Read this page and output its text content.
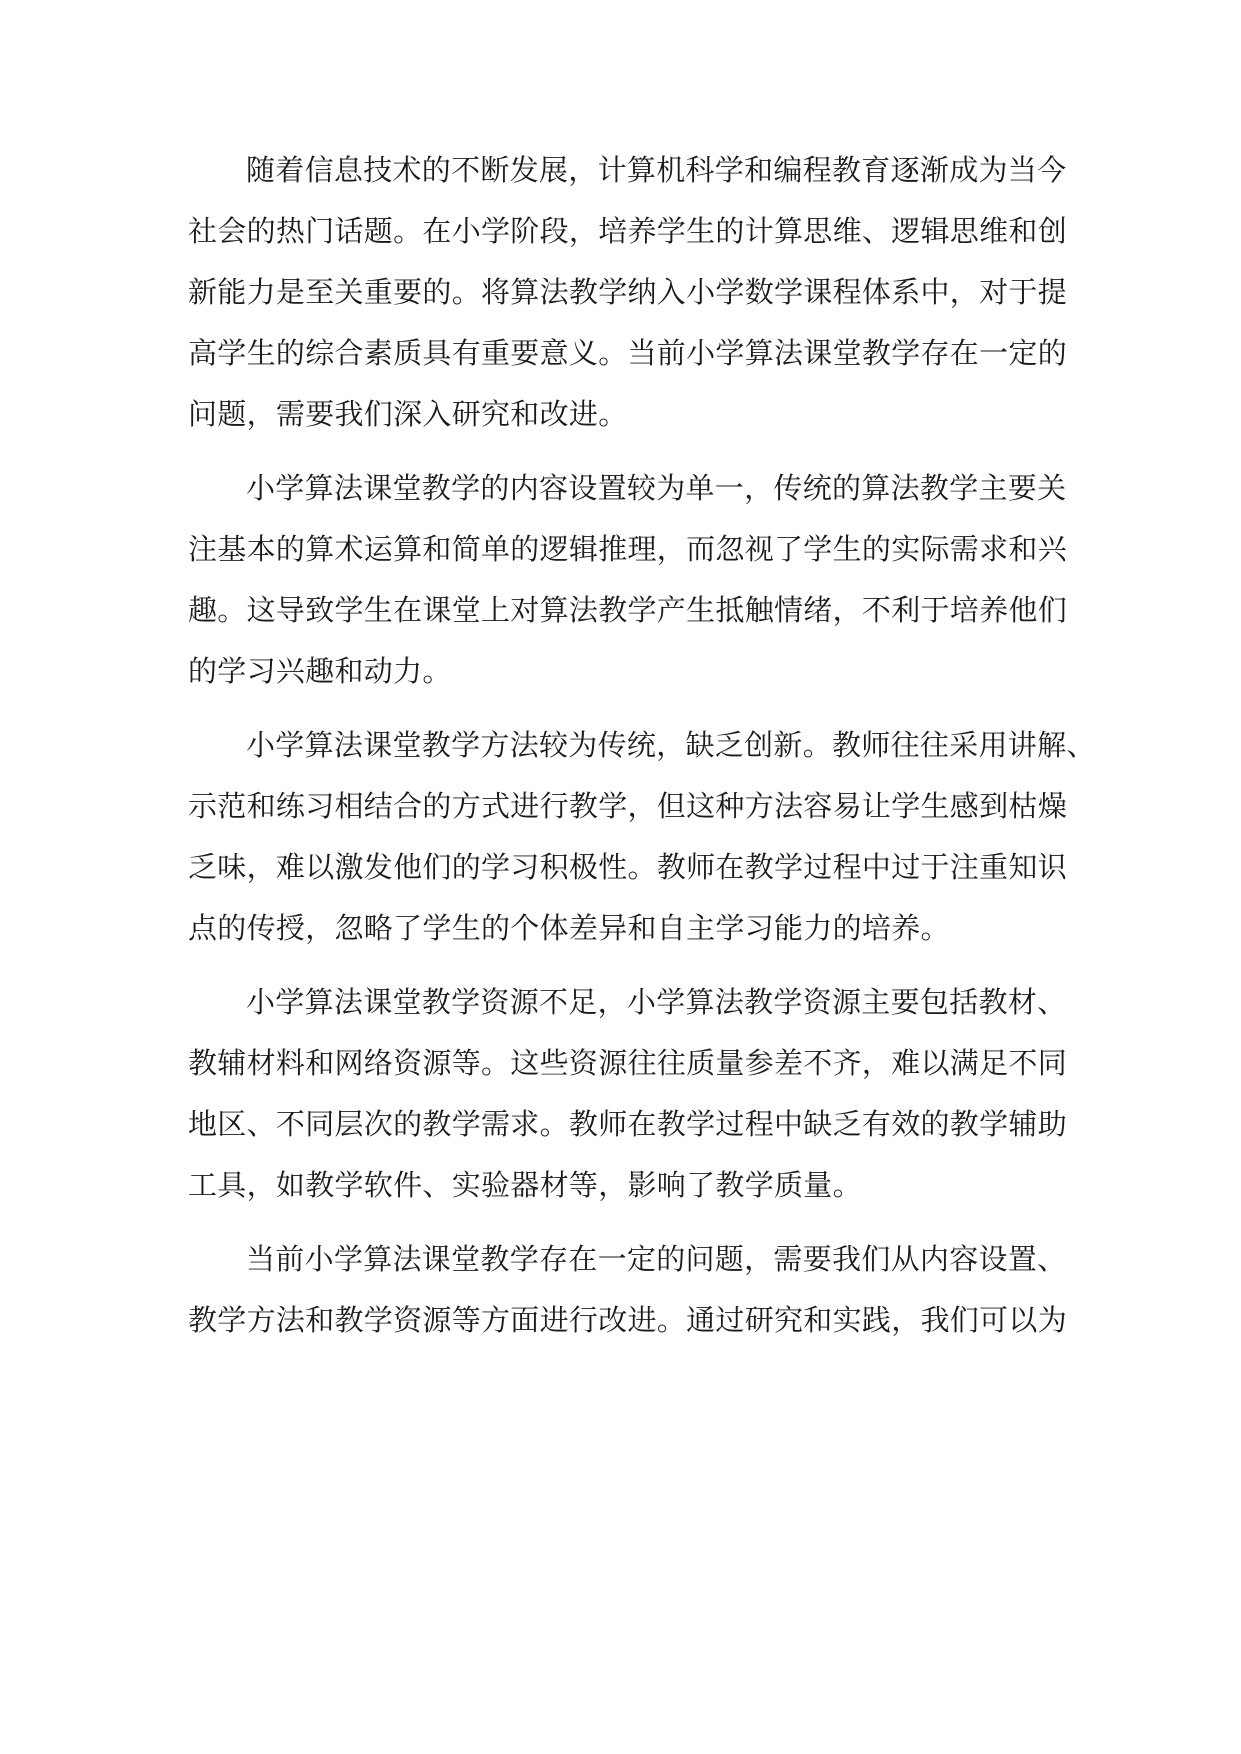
随着信息技术的不断发展，计算机科学和编程教育逐渐成为当今
社会的热门话题。在小学阶段，培养学生的计算思维、逻辑思维和创
新能力是至关重要的。将算法教学纳入小学数学课程体系中，对于提
高学生的综合素质具有重要意义。当前小学算法课堂教学存在一定的
问题，需要我们深入研究和改进。
小学算法课堂教学的内容设置较为单一，传统的算法教学主要关
注基本的算术运算和简单的逻辑推理，而忽视了学生的实际需求和兴
趣。这导致学生在课堂上对算法教学产生抵触情绪，不利于培养他们
的学习兴趣和动力。
小学算法课堂教学方法较为传统，缺乏创新。教师往往采用讲解、
示范和练习相结合的方式进行教学，但这种方法容易让学生感到枯燥
乏味，难以激发他们的学习积极性。教师在教学过程中过于注重知识
点的传授，忽略了学生的个体差异和自主学习能力的培养。
小学算法课堂教学资源不足，小学算法教学资源主要包括教材、
教辅材料和网络资源等。这些资源往往质量参差不齐，难以满足不同
地区、不同层次的教学需求。教师在教学过程中缺乏有效的教学辅助
工具，如教学软件、实验器材等，影响了教学质量。
当前小学算法课堂教学存在一定的问题，需要我们从内容设置、
教学方法和教学资源等方面进行改进。通过研究和实践，我们可以为
